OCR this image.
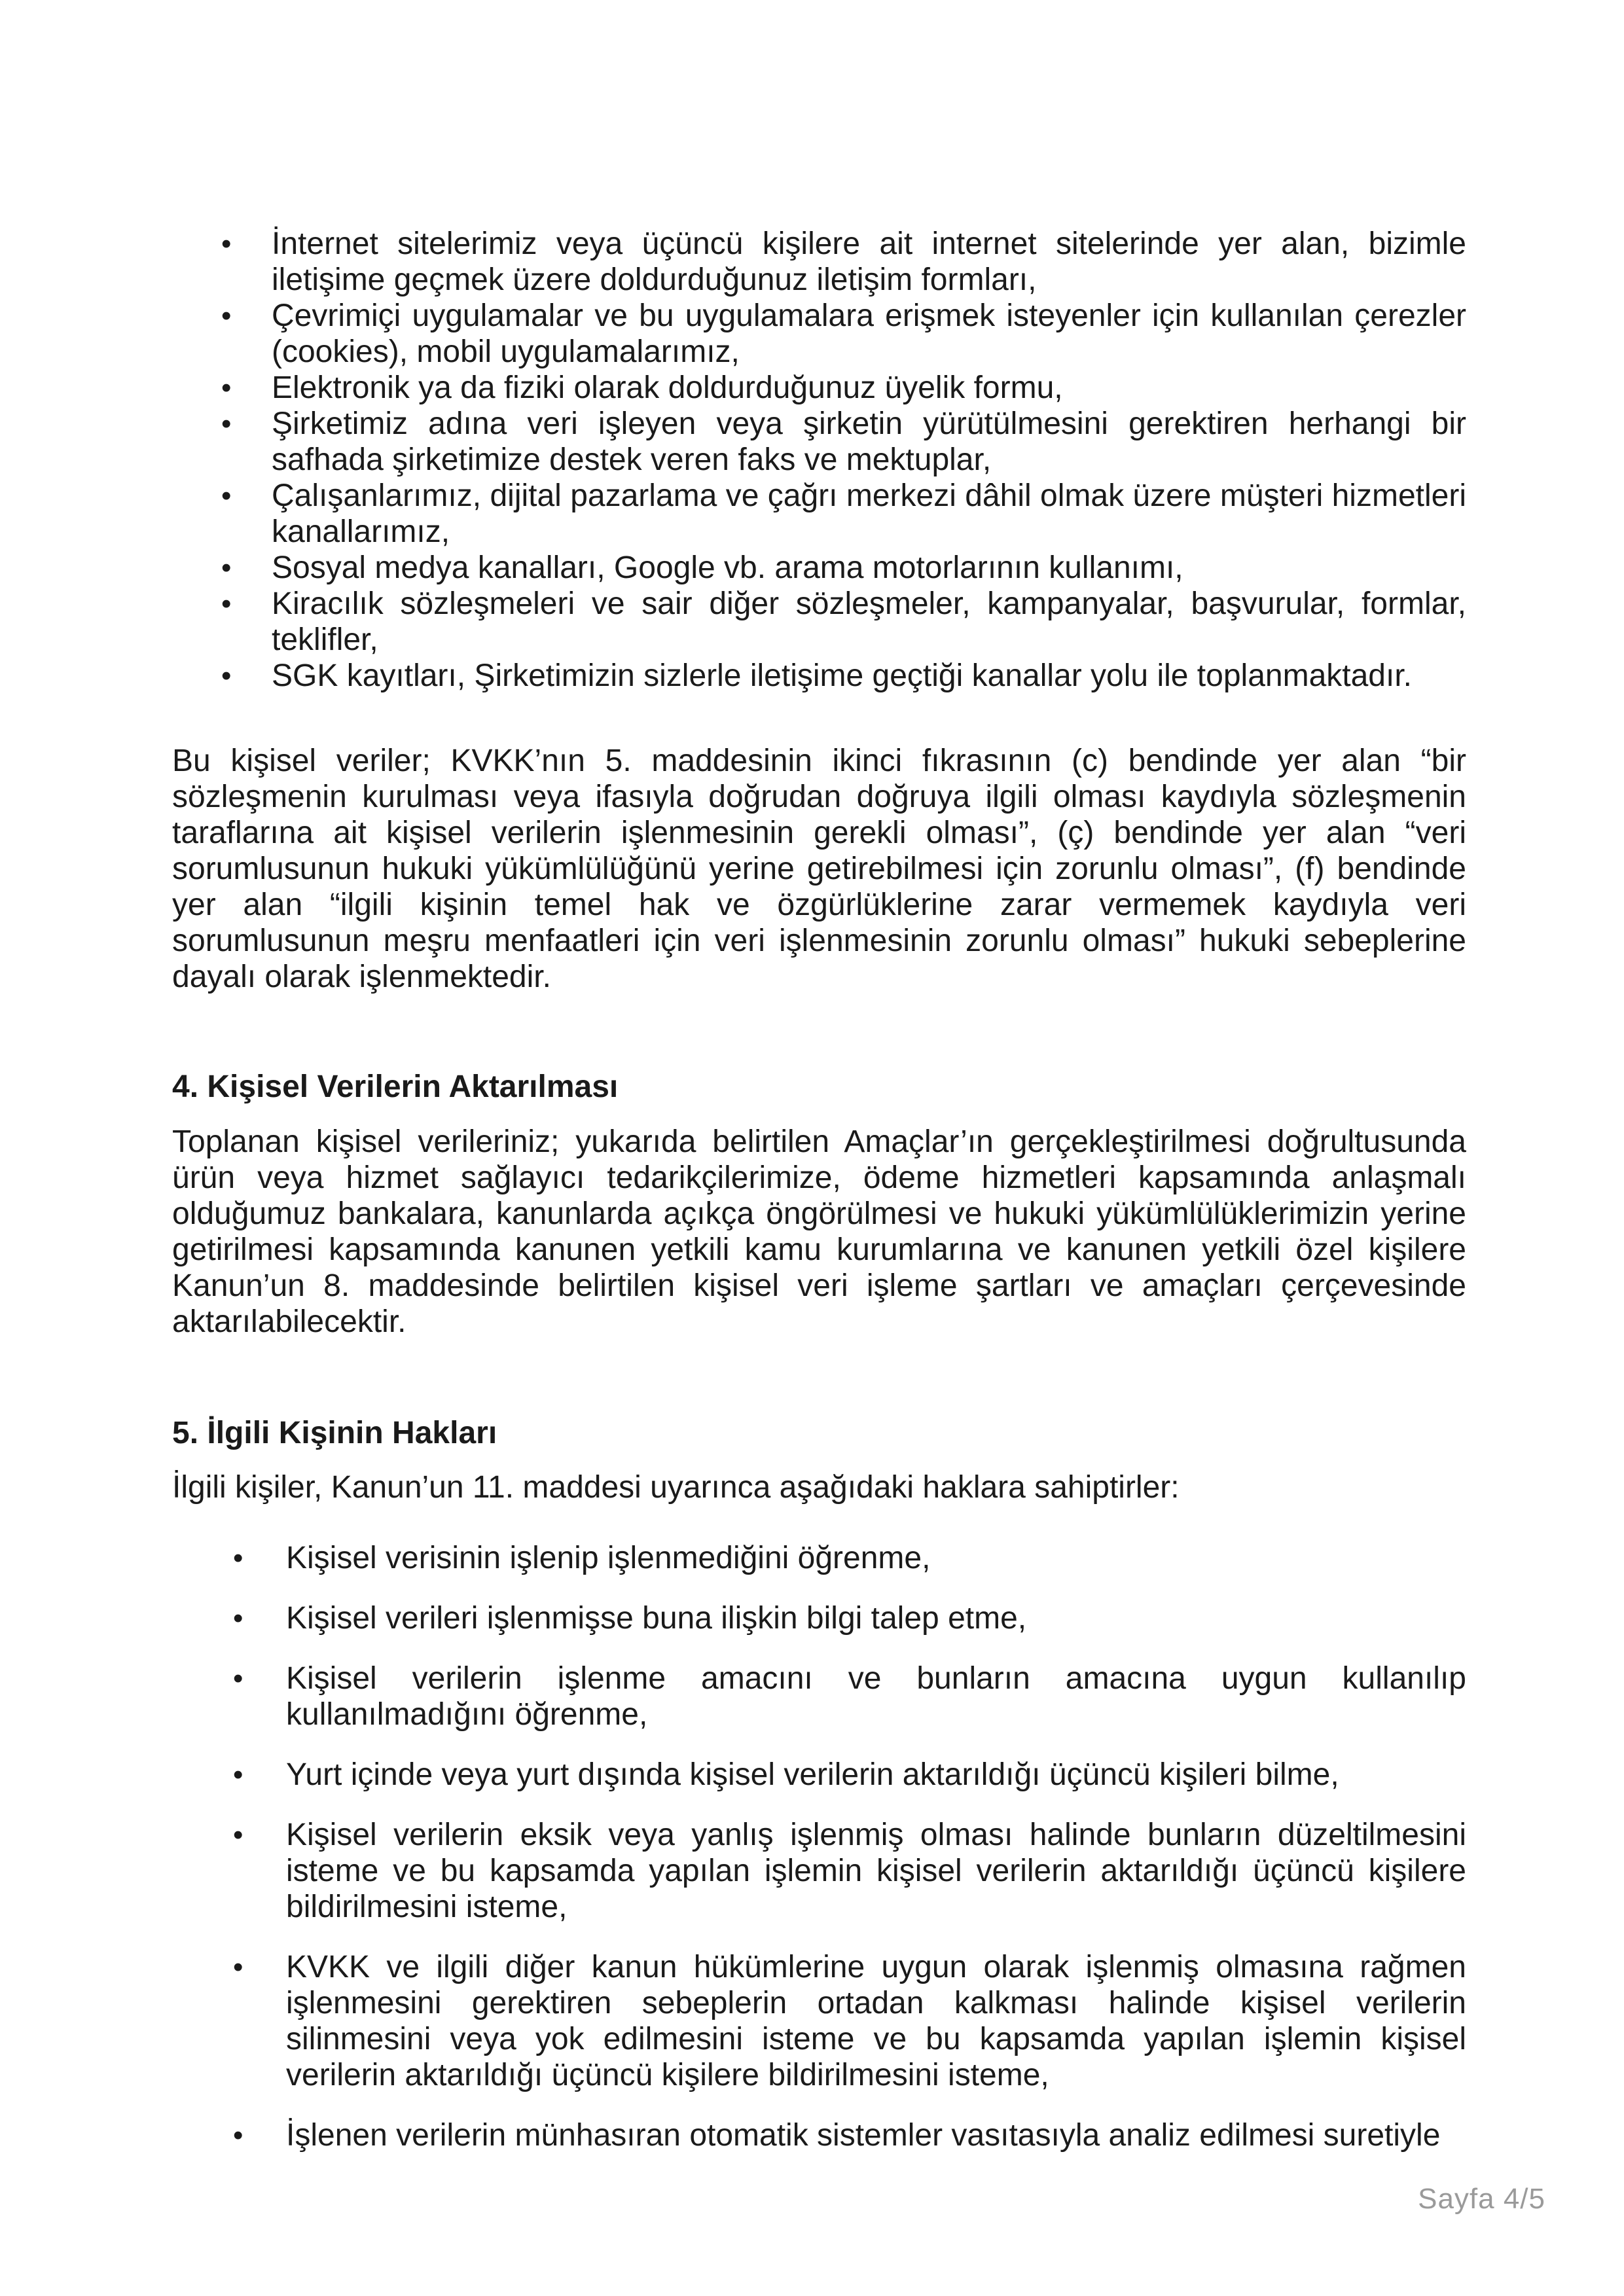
• İnternet sitelerimiz veya üçüncü kişilere ait internet sitelerinde yer alan, bizimle iletişime geçmek üzere doldurduğunuz iletişim formları,
• Çevrimiçi uygulamalar ve bu uygulamalara erişmek isteyenler için kullanılan çerezler (cookies), mobil uygulamalarımız,
• Elektronik ya da fiziki olarak doldurduğunuz üyelik formu,
• Şirketimiz adına veri işleyen veya şirketin yürütülmesini gerektiren herhangi bir safhada şirketimize destek veren faks ve mektuplar,
• Çalışanlarımız, dijital pazarlama ve çağrı merkezi dâhil olmak üzere müşteri hizmetleri kanallarımız,
• Sosyal medya kanalları, Google vb. arama motorlarının kullanımı,
• Kiracılık sözleşmeleri ve sair diğer sözleşmeler, kampanyalar, başvurular, formlar, teklifler,
• SGK kayıtları, Şirketimizin sizlerle iletişime geçtiği kanallar yolu ile toplanmaktadır.

Bu kişisel veriler; KVKK’nın 5. maddesinin ikinci fıkrasının (c) bendinde yer alan “bir sözleşmenin kurulması veya ifasıyla doğrudan doğruya ilgili olması kaydıyla sözleşmenin taraflarına ait kişisel verilerin işlenmesinin gerekli olması”, (ç) bendinde yer alan “veri sorumlusunun hukuki yükümlülüğünü yerine getirebilmesi için zorunlu olması”, (f) bendinde yer alan “ilgili kişinin temel hak ve özgürlüklerine zarar vermemek kaydıyla veri sorumlusunun meşru menfaatleri için veri işlenmesinin zorunlu olması” hukuki sebeplerine dayalı olarak işlenmektedir.

4. Kişisel Verilerin Aktarılması

Toplanan kişisel verileriniz; yukarıda belirtilen Amaçlar’ın gerçekleştirilmesi doğrultusunda ürün veya hizmet sağlayıcı tedarikçilerimize, ödeme hizmetleri kapsamında anlaşmalı olduğumuz bankalara, kanunlarda açıkça öngörülmesi ve hukuki yükümlülüklerimizin yerine getirilmesi kapsamında kanunen yetkili kamu kurumlarına ve kanunen yetkili özel kişilere Kanun’un 8. maddesinde belirtilen kişisel veri işleme şartları ve amaçları çerçevesinde aktarılabilecektir.

5. İlgili Kişinin Hakları

İlgili kişiler, Kanun’un 11. maddesi uyarınca aşağıdaki haklara sahiptirler:

• Kişisel verisinin işlenip işlenmediğini öğrenme,
• Kişisel verileri işlenmişse buna ilişkin bilgi talep etme,
• Kişisel verilerin işlenme amacını ve bunların amacına uygun kullanılıp kullanılmadığını öğrenme,
• Yurt içinde veya yurt dışında kişisel verilerin aktarıldığı üçüncü kişileri bilme,
• Kişisel verilerin eksik veya yanlış işlenmiş olması halinde bunların düzeltilmesini isteme ve bu kapsamda yapılan işlemin kişisel verilerin aktarıldığı üçüncü kişilere bildirilmesini isteme,
• KVKK ve ilgili diğer kanun hükümlerine uygun olarak işlenmiş olmasına rağmen işlenmesini gerektiren sebeplerin ortadan kalkması halinde kişisel verilerin silinmesini veya yok edilmesini isteme ve bu kapsamda yapılan işlemin kişisel verilerin aktarıldığı üçüncü kişilere bildirilmesini isteme,
• İşlenen verilerin münhasıran otomatik sistemler vasıtasıyla analiz edilmesi suretiyle
Sayfa 4/5
